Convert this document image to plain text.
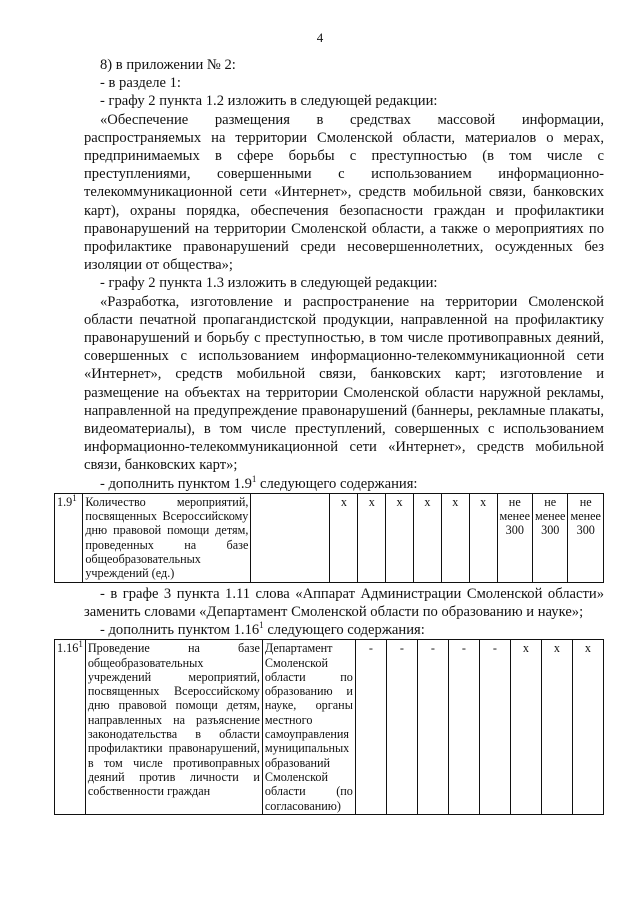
4

8) в приложении № 2:

- в разделе 1:

- графу 2 пункта 1.2 изложить в следующей редакции:

«Обеспечение размещения в средствах массовой информации, распространяемых на территории Смоленской области, материалов о мерах, предпринимаемых в сфере борьбы с преступностью (в том числе с преступлениями, совершенными с использованием информационно-телекоммуникационной сети «Интернет», средств мобильной связи, банковских карт), охраны порядка, обеспечения безопасности граждан и профилактики правонарушений на территории Смоленской области, а также о мероприятиях по профилактике правонарушений среди несовершеннолетних, осужденных без изоляции от общества»;

- графу 2 пункта 1.3 изложить в следующей редакции:

«Разработка, изготовление и распространение на территории Смоленской области печатной пропагандистской продукции, направленной на профилактику правонарушений и борьбу с преступностью, в том числе противоправных деяний, совершенных с использованием информационно-телекоммуникационной сети «Интернет», средств мобильной связи, банковских карт; изготовление и размещение на объектах на территории Смоленской области наружной рекламы, направленной на предупреждение правонарушений (баннеры, рекламные плакаты, видеоматериалы), в том числе преступлений, совершенных с использованием информационно-телекоммуникационной сети «Интернет», средств мобильной связи, банковских карт»;

- дополнить пунктом $1.9^1$ следующего содержания:

$1.9^1$	Количество мероприятий, посвященных Всероссийскому дню правовой помощи детям, проведенных на базе общеобразовательных учреждений (ед.)		х	х	х	х	х	х	не менее 300	не менее 300	не менее 300

- в графе 3 пункта 1.11 слова «Аппарат Администрации Смоленской области» заменить словами «Департамент Смоленской области по образованию и науке»;

- дополнить пунктом 1.16$^1$ следующего содержания:

1.16$^1$	Проведение на базе общеобразовательных учреждений мероприятий, посвященных Всероссийскому дню правовой помощи детям, направленных на разъяснение законодательства в области профилактики правонарушений, в том числе противоправных деяний против личности и собственности граждан	Департамент Смоленской области по образованию и науке, органы местного самоуправления муниципальных образований Смоленской области (по согласованию)	-	-	-	-	-	х	х	х
